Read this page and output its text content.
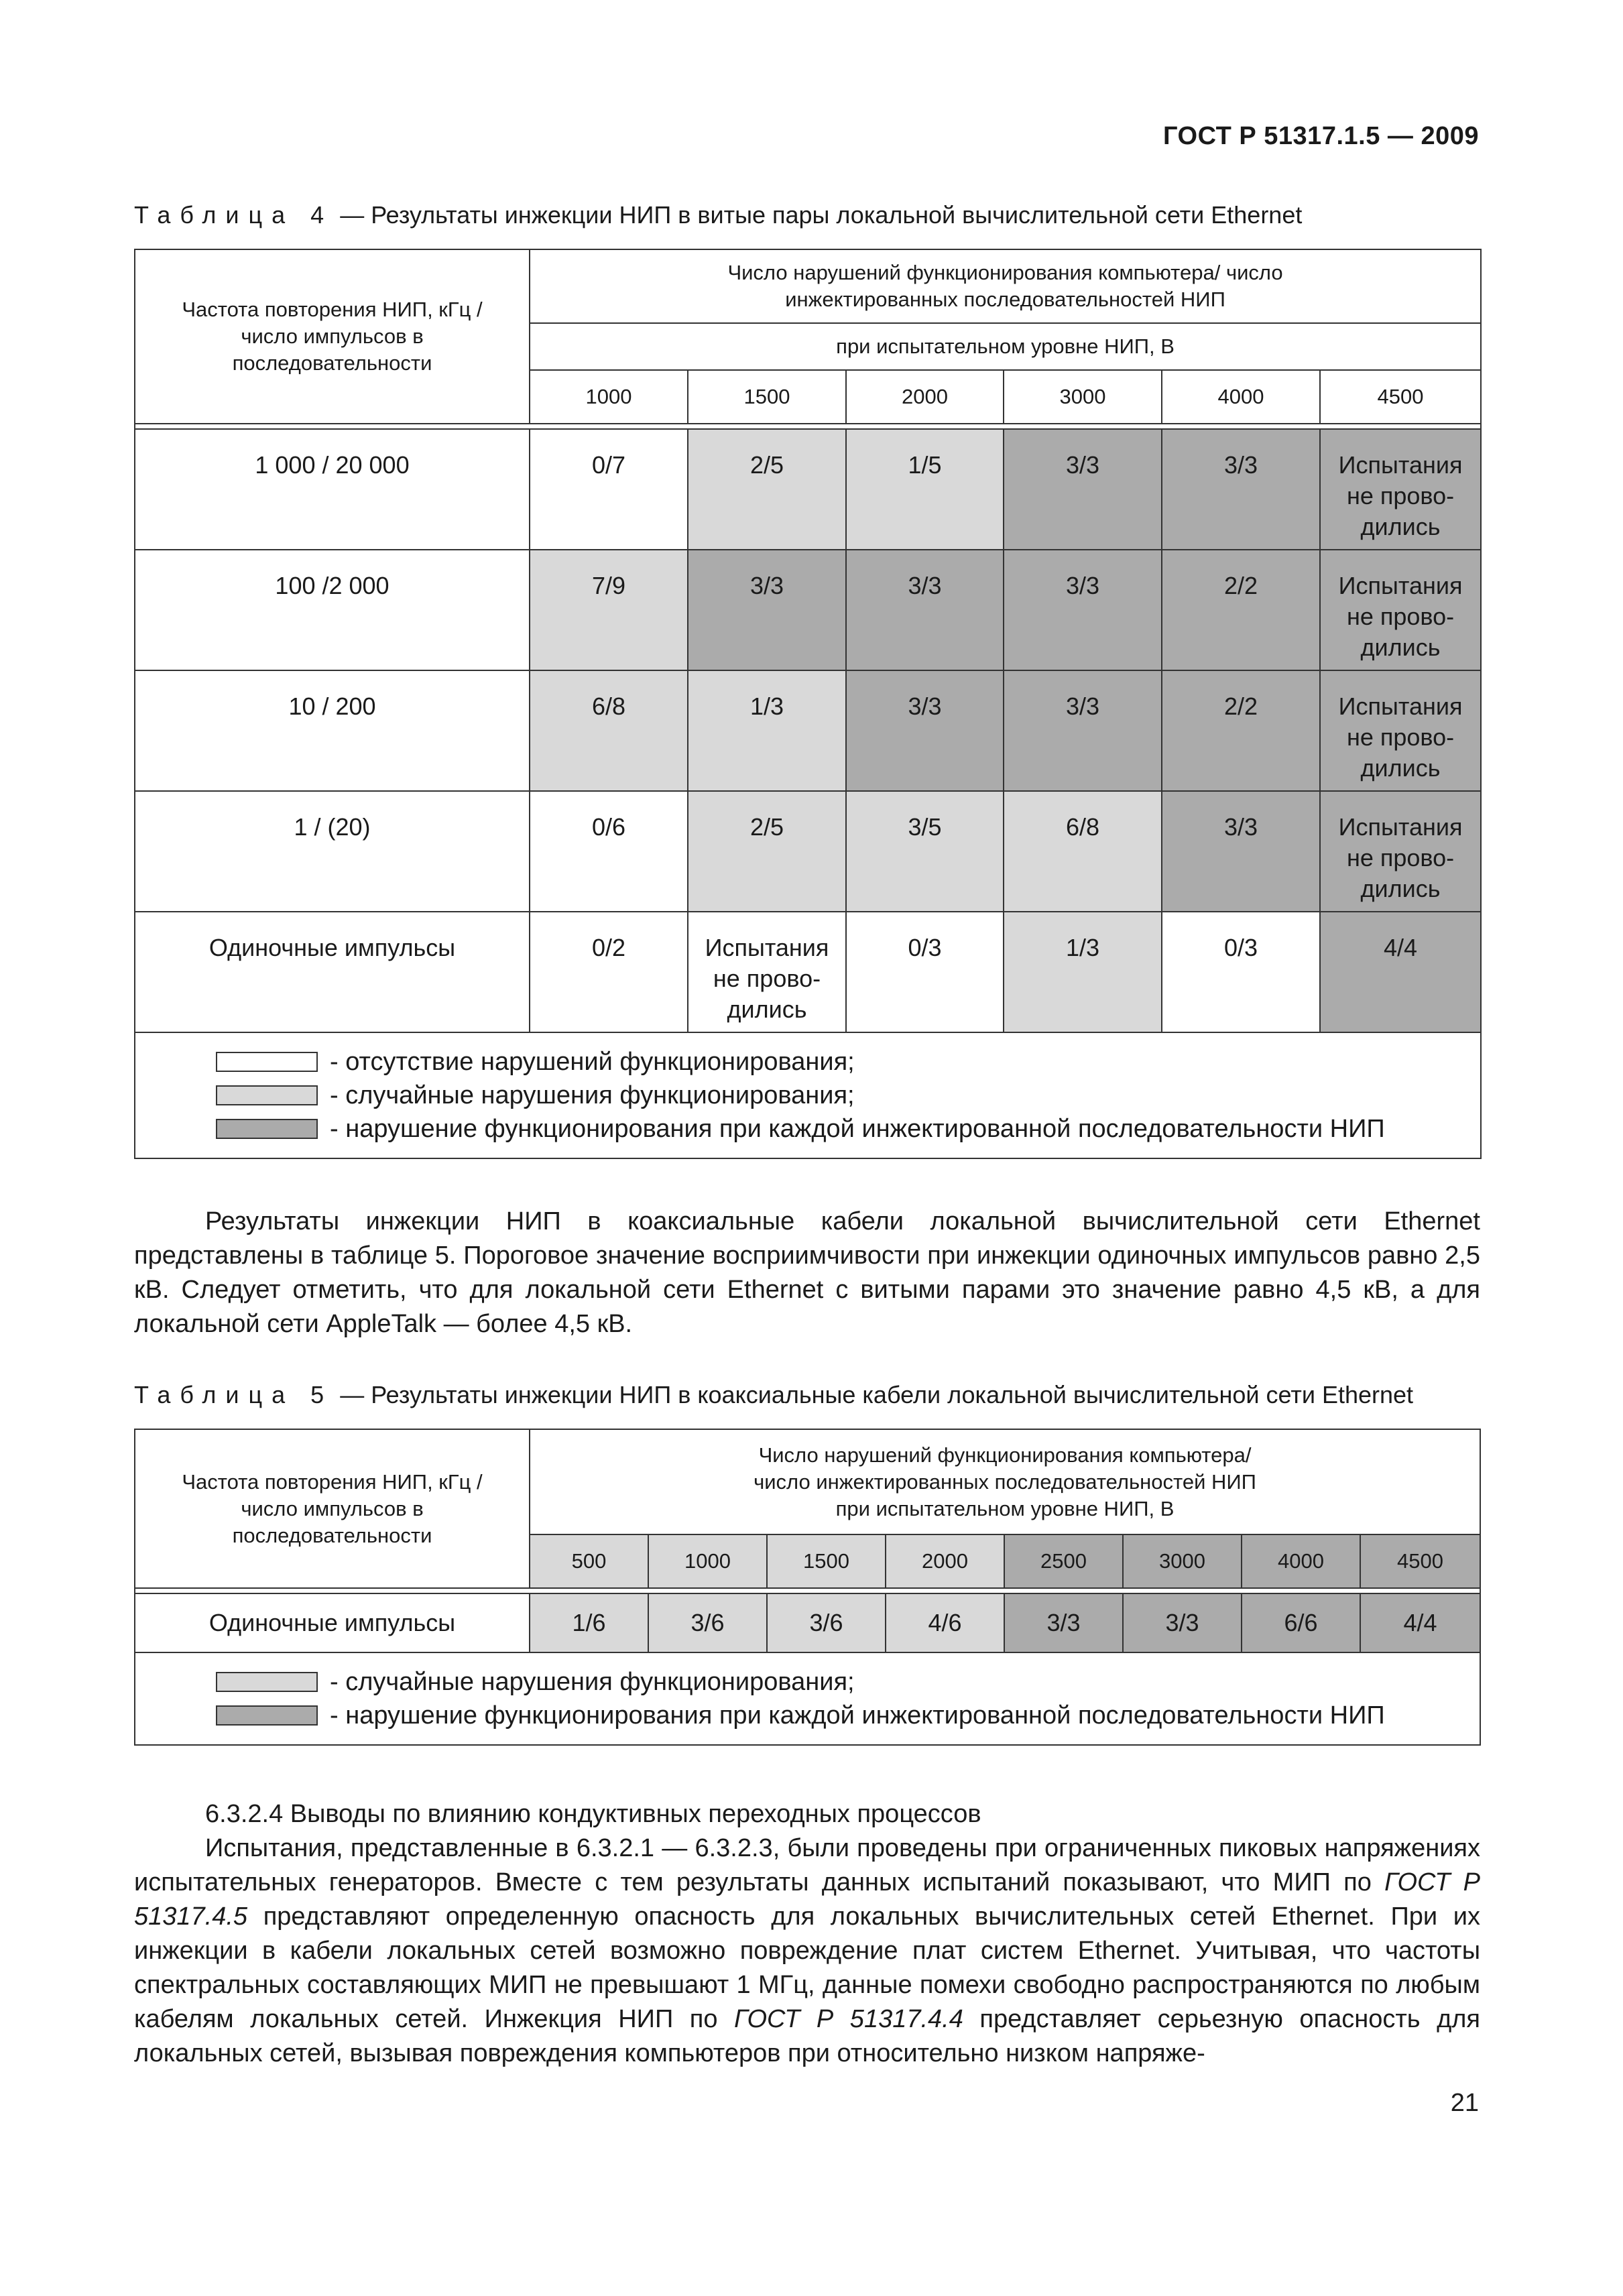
ГОСТ Р 51317.1.5 — 2009
Таблица 4 — Результаты инжекции НИП в витые пары локальной вычислительной сети Ethernet
Частота повторения НИП, кГц /число импульсов в последовательности	Число нарушений функционирования компьютера/ число инжектированных последовательностей НИП					
	при испытательном уровне НИП, В					
	1000	1500	2000	3000	4000	4500

1 000 / 20 000	0/7	2/5	1/5	3/3	3/3	Испытания не прово-дились
100 /2 000	7/9	3/3	3/3	3/3	2/2	Испытания не прово-дились
10 / 200	6/8	1/3	3/3	3/3	2/2	Испытания не прово-дились
1 / (20)	0/6	2/5	3/5	6/8	3/3	Испытания не прово-дились
Одиночные импульсы	0/2	Испытания не прово-дились	0/3	1/3	0/3	4/4

- отсутствие нарушений функционирования;
- случайные нарушения функционирования;
- нарушение функционирования при каждой инжектированной последовательности НИП						

Результаты инжекции НИП в коаксиальные кабели локальной вычислительной сети Ethernet представлены в таблице 5. Пороговое значение восприимчивости при инжекции одиночных импульсов равно 2,5 кВ. Следует отметить, что для локальной сети Ethernet с витыми парами это значение равно 4,5 кВ, а для локальной сети AppleTalk — более 4,5 кВ.

Таблица 5 — Результаты инжекции НИП в коаксиальные кабели локальной вычислительной сети Ethernet
Частота повторения НИП, кГц /число импульсов в последовательности	Число нарушений функционирования компьютера/ число инжектированных последовательностей НИП при испытательном уровне НИП, В							
	500	1000	1500	2000	2500	3000	4000	4500

Одиночные импульсы	1/6	3/6	3/6	4/6	3/3	3/3	6/6	4/4

- случайные нарушения функционирования;
- нарушение функционирования при каждой инжектированной последовательности НИП								

6.3.2.4 Выводы по влиянию кондуктивных переходных процессов

Испытания, представленные в 6.3.2.1 — 6.3.2.3, были проведены при ограниченных пиковых напряжениях испытательных генераторов. Вместе с тем результаты данных испытаний показывают, что МИП по ГОСТ Р 51317.4.5 представляют определенную опасность для локальных вычислительных сетей Ethernet. При их инжекции в кабели локальных сетей возможно повреждение плат систем Ethernet. Учитывая, что частоты спектральных составляющих МИП не превышают 1 МГц, данные помехи свободно распространяются по любым кабелям локальных сетей. Инжекция НИП по ГОСТ Р 51317.4.4 представляет серьезную опасность для локальных сетей, вызывая повреждения компьютеров при относительно низком напряже-

21
